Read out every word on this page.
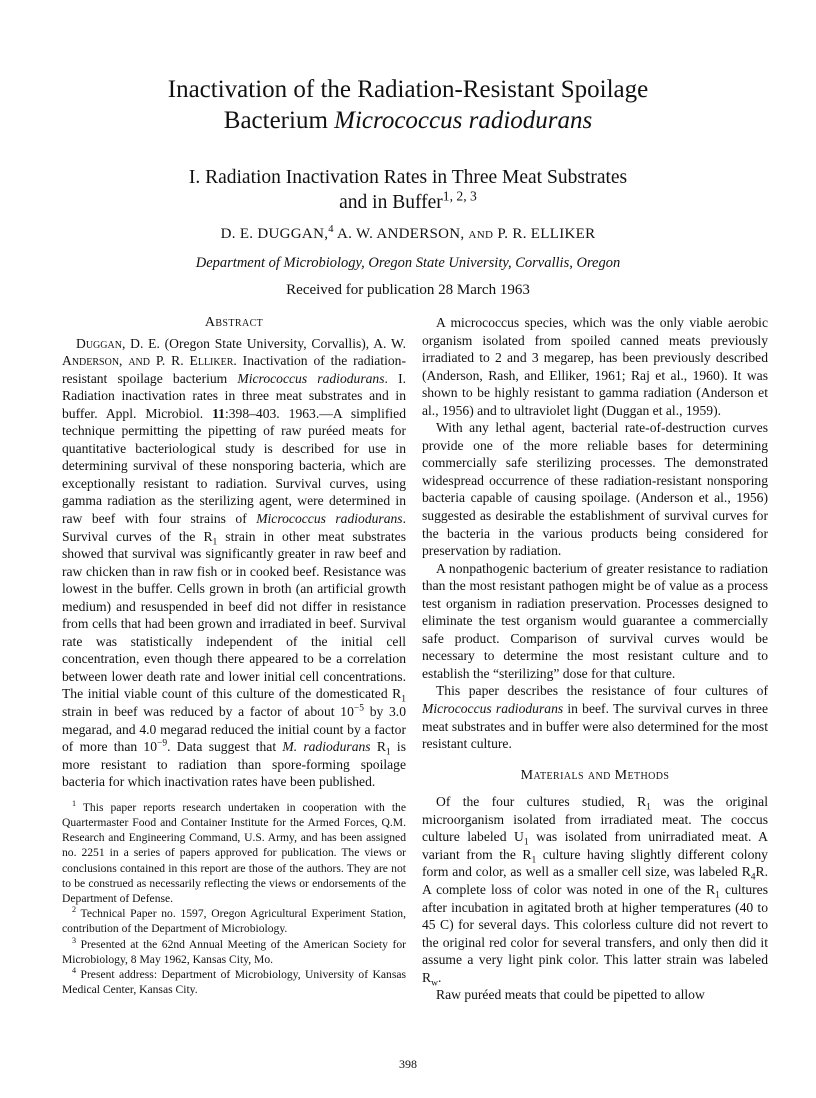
Inactivation of the Radiation-Resistant Spoilage
Bacterium Micrococcus radiodurans
I. Radiation Inactivation Rates in Three Meat Substrates
and in Buffer$^{1, 2, 3}$
D. E. DUGGAN,$^4$ A. W. ANDERSON, and P. R. ELLIKER
Department of Microbiology, Oregon State University, Corvallis, Oregon
Received for publication 28 March 1963
Abstract

Duggan, D. E. (Oregon State University, Corvallis), A. W. Anderson, and P. R. Elliker. Inactivation of the radiation-resistant spoilage bacterium Micrococcus radiodurans. I. Radiation inactivation rates in three meat substrates and in buffer. Appl. Microbiol. 11:398–403. 1963.—A simplified technique permitting the pipetting of raw puréed meats for quantitative bacteriological study is described for use in determining survival of these nonsporing bacteria, which are exceptionally resistant to radiation. Survival curves, using gamma radiation as the sterilizing agent, were determined in raw beef with four strains of Micrococcus radiodurans. Survival curves of the $R_1$ strain in other meat substrates showed that survival was significantly greater in raw beef and raw chicken than in raw fish or in cooked beef. Resistance was lowest in the buffer. Cells grown in broth (an artificial growth medium) and resuspended in beef did not differ in resistance from cells that had been grown and irradiated in beef. Survival rate was statistically independent of the initial cell concentration, even though there appeared to be a correlation between lower death rate and lower initial cell concentrations. The initial viable count of this culture of the domesticated $R_1$ strain in beef was reduced by a factor of about $10^{-5}$ by 3.0 megarad, and 4.0 megarad reduced the initial count by a factor of more than $10^{-9}$. Data suggest that M. radiodurans $R_1$ is more resistant to radiation than spore-forming spoilage bacteria for which inactivation rates have been published.

$^1$ This paper reports research undertaken in cooperation with the Quartermaster Food and Container Institute for the Armed Forces, Q.M. Research and Engineering Command, U.S. Army, and has been assigned no. 2251 in a series of papers approved for publication. The views or conclusions contained in this report are those of the authors. They are not to be construed as necessarily reflecting the views or endorsements of the Department of Defense.

$^2$ Technical Paper no. 1597, Oregon Agricultural Experiment Station, contribution of the Department of Microbiology.

$^3$ Presented at the 62nd Annual Meeting of the American Society for Microbiology, 8 May 1962, Kansas City, Mo.

$^4$ Present address: Department of Microbiology, University of Kansas Medical Center, Kansas City.

A micrococcus species, which was the only viable aerobic organism isolated from spoiled canned meats previously irradiated to 2 and 3 megarep, has been previously described (Anderson, Rash, and Elliker, 1961; Raj et al., 1960). It was shown to be highly resistant to gamma radiation (Anderson et al., 1956) and to ultraviolet light (Duggan et al., 1959).

With any lethal agent, bacterial rate-of-destruction curves provide one of the more reliable bases for determining commercially safe sterilizing processes. The demonstrated widespread occurrence of these radiation-resistant nonsporing bacteria capable of causing spoilage. (Anderson et al., 1956) suggested as desirable the establishment of survival curves for the bacteria in the various products being considered for preservation by radiation.

A nonpathogenic bacterium of greater resistance to radiation than the most resistant pathogen might be of value as a process test organism in radiation preservation. Processes designed to eliminate the test organism would guarantee a commercially safe product. Comparison of survival curves would be necessary to determine the most resistant culture and to establish the “sterilizing” dose for that culture.

This paper describes the resistance of four cultures of Micrococcus radiodurans in beef. The survival curves in three meat substrates and in buffer were also determined for the most resistant culture.

Materials and Methods

Of the four cultures studied, $R_1$ was the original microorganism isolated from irradiated meat. The coccus culture labeled $U_1$ was isolated from unirradiated meat. A variant from the $R_1$ culture having slightly different colony form and color, as well as a smaller cell size, was labeled $R_4R$. A complete loss of color was noted in one of the $R_1$ cultures after incubation in agitated broth at higher temperatures (40 to 45 C) for several days. This colorless culture did not revert to the original red color for several transfers, and only then did it assume a very light pink color. This latter strain was labeled $R_w$.

Raw puréed meats that could be pipetted to allow

398
